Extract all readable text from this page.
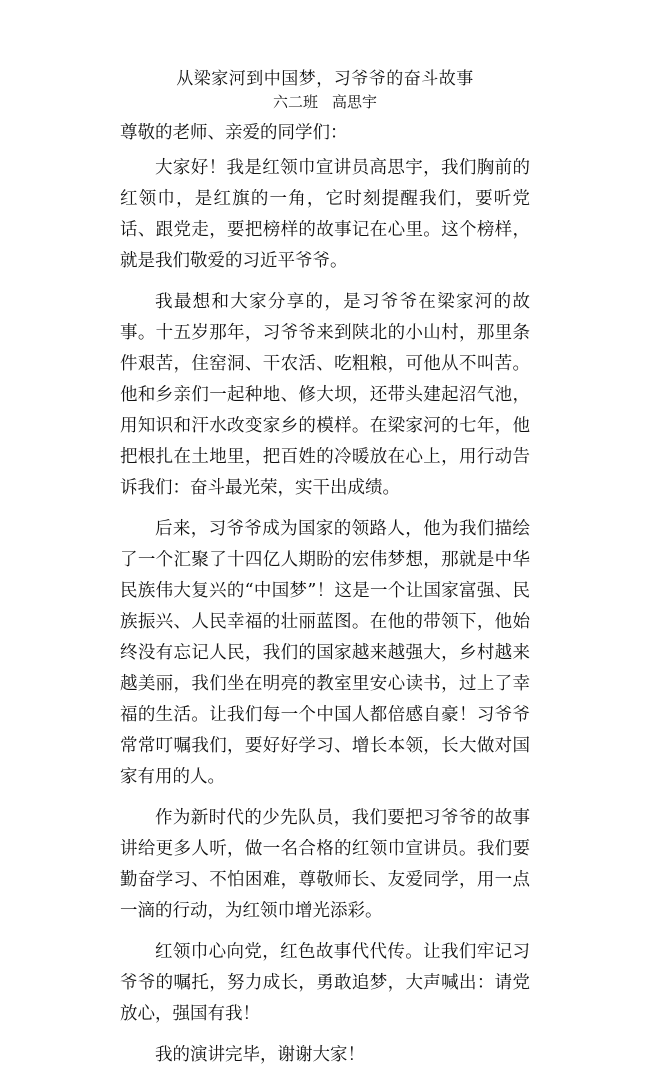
从梁家河到中国梦，习爷爷的奋斗故事
六二班 高思宇

尊敬的老师、亲爱的同学们：

大家好！我是红领巾宣讲员高思宇，我们胸前的红领巾，是红旗的一角，它时刻提醒我们，要听党话、跟党走，要把榜样的故事记在心里。这个榜样，就是我们敬爱的习近平爷爷。

我最想和大家分享的，是习爷爷在梁家河的故事。十五岁那年，习爷爷来到陕北的小山村，那里条件艰苦，住窑洞、干农活、吃粗粮，可他从不叫苦。他和乡亲们一起种地、修大坝，还带头建起沼气池，用知识和汗水改变家乡的模样。在梁家河的七年，他把根扎在土地里，把百姓的冷暖放在心上，用行动告诉我们：奋斗最光荣，实干出成绩。

后来，习爷爷成为国家的领路人，他为我们描绘了一个汇聚了十四亿人期盼的宏伟梦想，那就是中华民族伟大复兴的“中国梦”！这是一个让国家富强、民族振兴、人民幸福的壮丽蓝图。在他的带领下，他始终没有忘记人民，我们的国家越来越强大，乡村越来越美丽，我们坐在明亮的教室里安心读书，过上了幸福的生活。让我们每一个中国人都倍感自豪！习爷爷常常叮嘱我们，要好好学习、增长本领，长大做对国家有用的人。

作为新时代的少先队员，我们要把习爷爷的故事讲给更多人听，做一名合格的红领巾宣讲员。我们要勤奋学习、不怕困难，尊敬师长、友爱同学，用一点一滴的行动，为红领巾增光添彩。

红领巾心向党，红色故事代代传。让我们牢记习爷爷的嘱托，努力成长，勇敢追梦，大声喊出：请党放心，强国有我！

我的演讲完毕，谢谢大家！
